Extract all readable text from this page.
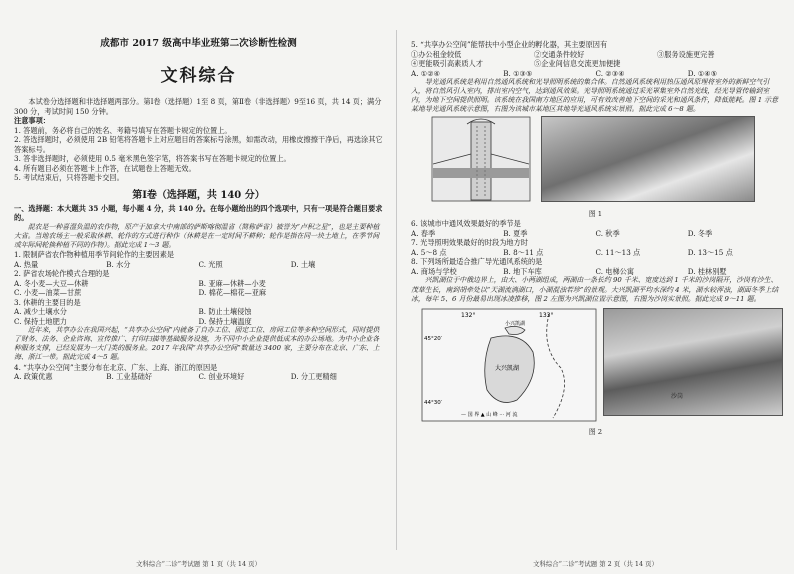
成都市 2017 级高中毕业班第二次诊断性检测
文科综合

本试卷分选择题和非选择题两部分。第Ⅰ卷（选择题）1至 8 页，第Ⅱ卷（非选择题）9至16 页，共 14 页；满分 300 分，考试时间 150 分钟。

注意事项：

1. 答题前，务必将自己的姓名、考籍号填写在答题卡规定的位置上。

2. 答选择题时，必须使用 2B 铅笔将答题卡上对应题目的答案标号涂黑，如需改动，用橡皮擦擦干净后，再选涂其它答案标号。

3. 答非选择题时，必须使用 0.5 毫米黑色签字笔，将答案书写在答题卡规定的位置上。

4. 所有题目必须在答题卡上作答，在试题卷上答题无效。

5. 考试结束后，只将答题卡交回。

第Ⅰ卷（选择题，共 140 分）

一、选择题：本大题共 35 小题，每小题 4 分，共 140 分。在每小题给出的四个选项中，只有一项是符合题目要求的。

混农是一种喜湿负温的农作物，原产于加拿大中南部的萨斯喀彻温省（简称萨省）被誉为“卢积之星”，也是主要种植大省。当地农场主一般采取休耕、轮作的方式进行种作（休耕是在一定时间不耕种；轮作是指在同一块土地上，在季节间或年际间轮换种植不同的作物）。据此完成 1～3 题。

1. 限制萨省农作物种植用季节间轮作的主要因素是

A. 热量	B. 水分	C. 光照	D. 土壤

2. 萨省农场轮作模式合理的是

A. 冬小麦—大豆—休耕	B. 亚麻—休耕—小麦
C. 小麦—油菜—甘蔗	D. 棉花—棉花—亚麻

3. 休耕的主要目的是

A. 减少土壤水分	B. 防止土壤侵蚀
C. 保持土地肥力	D. 保持土壤温度

近年来，共享办公在我国兴起，“共享办公空间”内就备了自办工位、固定工位、房间工位等多种空间形式，同时提供了财务、法务、企业咨询、宣传推广、打印扫描等基础服务设施，为不同中小企业提供低成本的办公场地。为中小企业各种服务支撑，已经发展为一大门类的服务业。2017 年我国“共享办公空间”数量达 3400 家，主要分布在北京、广东、上海、浙江一带。据此完成 4～5 题。

4. “共享办公空间”主要分布在北京、广东、上海、浙江的原因是

A. 政策优惠	B. 工业基础好	C. 创业环境好	D. 分工更精细
文科综合“二诊”考试题 第 1 页（共 14 页）

5. “共享办公空间”能帮扶中小型企业的孵化器，其主要原因有

①办公租金较低	②交通条件较好	③服务设施更完善
④更能吸引高素质人才	⑤企业间信息交流更加便捷
A. ①②④	B. ①③⑤	C. ②③④	D. ①④⑤

导光通风系统是利用自然通风系统和光导照明系统的集合体。自然通风系统利用热压通风原理将室外的新鲜空气引入，将自然风引入室内，排出室内空气，达到通风效果。光导照明系统通过采光罩集室外自然光线，经光导管传输到室内，为地下空间提供照明。该系统在我国南方地区的应用，可有效改善地下空间的采光和通风条件，降低能耗。图 1 示意某地导光通风系统示意图，右图为该城市某地区其地导光通风系统实景照。据此完成 6～8 题。

图 1

6. 该城市中通风效果最好的季节是

A. 春季	B. 夏季	C. 秋季	D. 冬季

7. 光导照明效果最好的时段为地方时

A. 5～8 点	B. 8～11 点	C. 11～13 点	D. 13～15 点

8. 下列场所最适合推广导光通风系统的是

A. 商场与学校	B. 地下车库	C. 电梯公寓	D. 桂林别墅

兴凯湖位于中俄边界上，由大、小两湖组成，两湖由一条长约 90 千米、宽度达到 1 千米的沙岗隔开，沙岗有沙生、茂草生长，南到胡牵处以“天湖流淌湖口，小湖混浊若珍”的景观。大兴凯湖平均水深约 4 米，湖水较浑浊，湖面冬季上结冰，每年 5、6 月份最易出现冰凌推移，图 2 左图为兴凯湖位置示意图，右图为沙岗实景照。据此完成 9～11 题。

132°	133°
45°20′
44°30′
大兴凯湖
小兴凯湖
— 国 界 ▲ 山 峰 ··· 河 流
沙岗
图 2
文科综合“二诊”考试题 第 2 页（共 14 页）
